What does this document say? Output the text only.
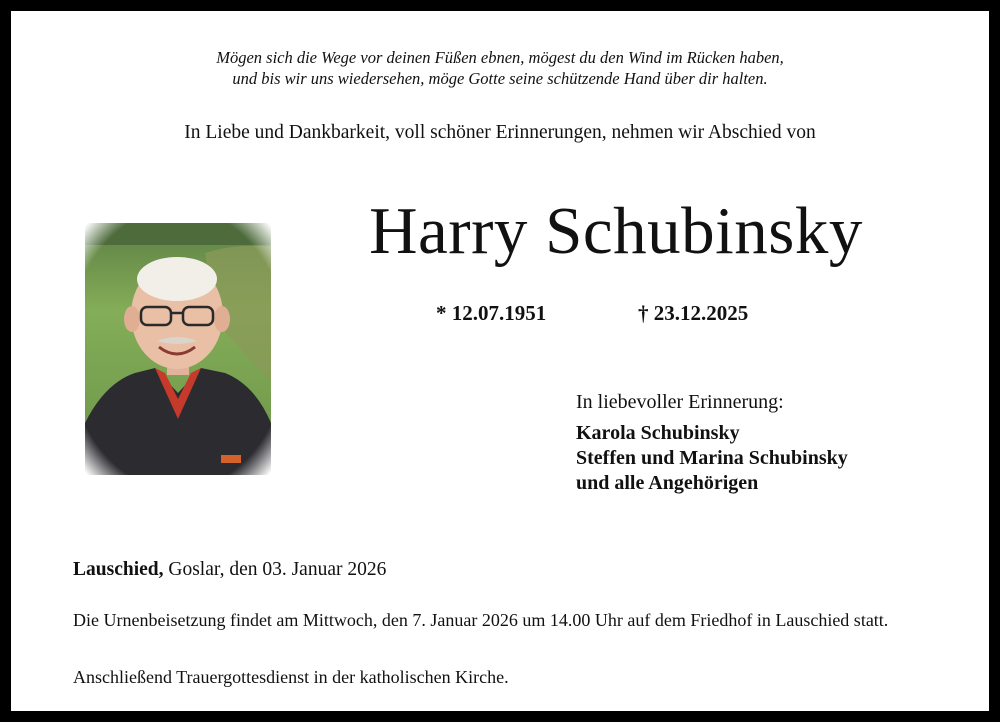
Mögen sich die Wege vor deinen Füßen ebnen, mögest du den Wind im Rücken haben,
und bis wir uns wiedersehen, möge Gotte seine schützende Hand über dir halten.
In Liebe und Dankbarkeit, voll schöner Erinnerungen, nehmen wir Abschied von
Harry Schubinsky
* 12.07.1951	† 23.12.2025
In liebevoller Erinnerung:
Karola Schubinsky
Steffen und Marina Schubinsky
und alle Angehörigen
Lauschied, Goslar, den 03. Januar 2026
Die Urnenbeisetzung findet am Mittwoch, den 7. Januar 2026 um 14.00 Uhr auf dem Friedhof in Lauschied statt.
Anschließend Trauergottesdienst in der katholischen Kirche.
